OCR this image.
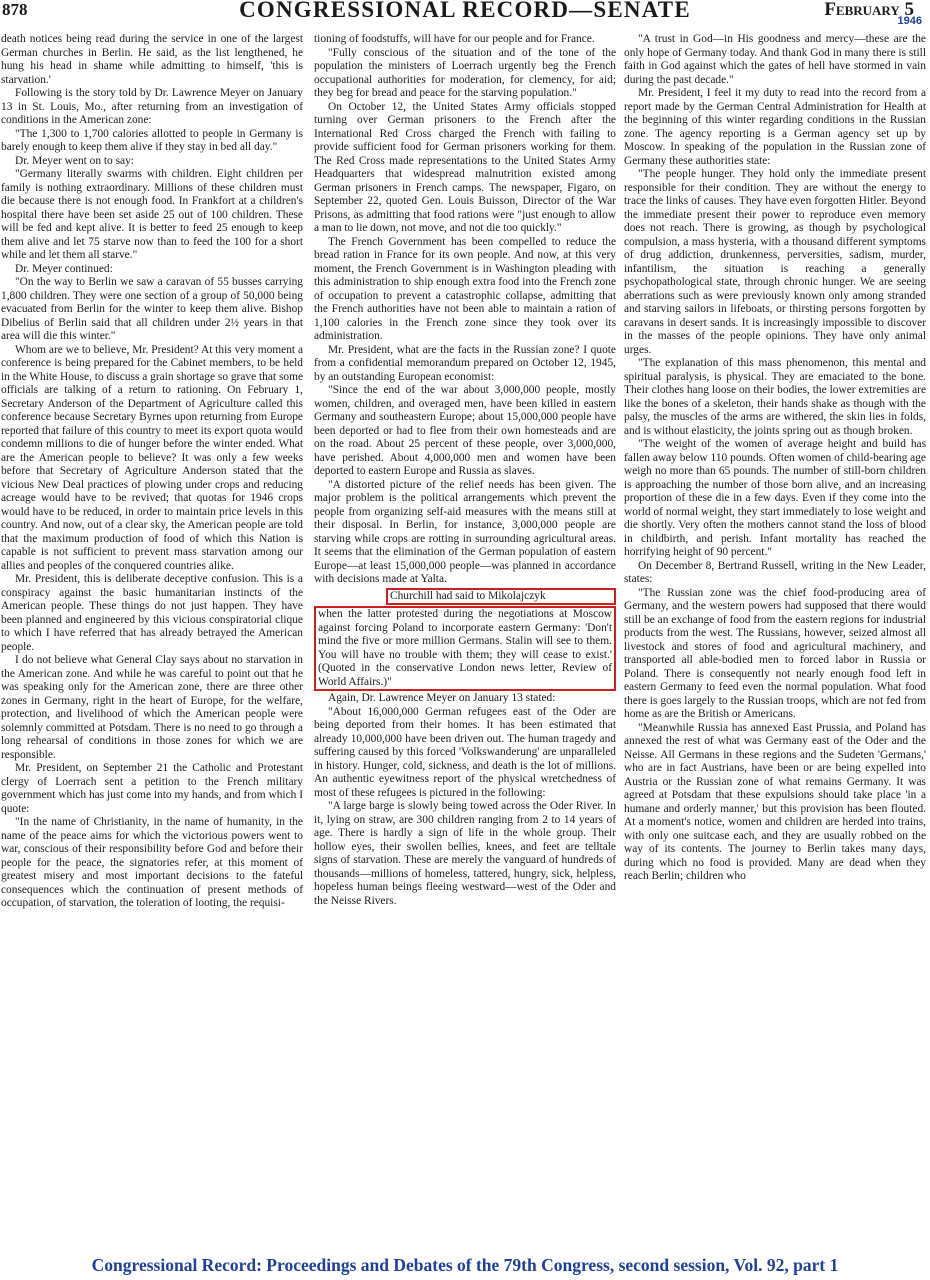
878	CONGRESSIONAL RECORD—SENATE	February 5
1946

death notices being read during the service in one of the largest German churches in Berlin. He said, as the list lengthened, he hung his head in shame while admitting to himself, 'this is starvation.'

Following is the story told by Dr. Lawrence Meyer on January 13 in St. Louis, Mo., after returning from an investigation of conditions in the American zone:

"The 1,300 to 1,700 calories allotted to people in Germany is barely enough to keep them alive if they stay in bed all day."

Dr. Meyer went on to say:

"Germany literally swarms with children. Eight children per family is nothing extraordinary. Millions of these children must die because there is not enough food. In Frankfort at a children's hospital there have been set aside 25 out of 100 children. These will be fed and kept alive. It is better to feed 25 enough to keep them alive and let 75 starve now than to feed the 100 for a short while and let them all starve."

Dr. Meyer continued:

"On the way to Berlin we saw a caravan of 55 busses carrying 1,800 children. They were one section of a group of 50,000 being evacuated from Berlin for the winter to keep them alive. Bishop Dibelius of Berlin said that all children under 2½ years in that area will die this winter."

Whom are we to believe, Mr. President? At this very moment a conference is being prepared for the Cabinet members, to be held in the White House, to discuss a grain shortage so grave that some officials are talking of a return to rationing. On February 1, Secretary Anderson of the Department of Agriculture called this conference because Secretary Byrnes upon returning from Europe reported that failure of this country to meet its export quota would condemn millions to die of hunger before the winter ended. What are the American people to believe? It was only a few weeks before that Secretary of Agriculture Anderson stated that the vicious New Deal practices of plowing under crops and reducing acreage would have to be revived; that quotas for 1946 crops would have to be reduced, in order to maintain price levels in this country. And now, out of a clear sky, the American people are told that the maximum production of food of which this Nation is capable is not sufficient to prevent mass starvation among our allies and peoples of the conquered countries alike.

Mr. President, this is deliberate deceptive confusion. This is a conspiracy against the basic humanitarian instincts of the American people. These things do not just happen. They have been planned and engineered by this vicious conspiratorial clique to which I have referred that has already betrayed the American people.

I do not believe what General Clay says about no starvation in the American zone. And while he was careful to point out that he was speaking only for the American zone, there are three other zones in Germany, right in the heart of Europe, for the welfare, protection, and livelihood of which the American people were solemnly committed at Potsdam. There is no need to go through a long rehearsal of conditions in those zones for which we are responsible.

Mr. President, on September 21 the Catholic and Protestant clergy of Loerrach sent a petition to the French military government which has just come into my hands, and from which I quote:

"In the name of Christianity, in the name of humanity, in the name of the peace aims for which the victorious powers went to war, conscious of their responsibility before God and before their people for the peace, the signatories refer, at this moment of greatest misery and most important decisions to the fateful consequences which the continuation of present methods of occupation, of starvation, the toleration of looting, the requisi-

tioning of foodstuffs, will have for our people and for France.

"Fully conscious of the situation and of the tone of the population the ministers of Loerrach urgently beg the French occupational authorities for moderation, for clemency, for aid; they beg for bread and peace for the starving population."

On October 12, the United States Army officials stopped turning over German prisoners to the French after the International Red Cross charged the French with failing to provide sufficient food for German prisoners working for them. The Red Cross made representations to the United States Army Headquarters that widespread malnutrition existed among German prisoners in French camps. The newspaper, Figaro, on September 22, quoted Gen. Louis Buisson, Director of the War Prisons, as admitting that food rations were "just enough to allow a man to lie down, not move, and not die too quickly."

The French Government has been compelled to reduce the bread ration in France for its own people. And now, at this very moment, the French Government is in Washington pleading with this administration to ship enough extra food into the French zone of occupation to prevent a catastrophic collapse, admitting that the French authorities have not been able to maintain a ration of 1,100 calories in the French zone since they took over its administration.

Mr. President, what are the facts in the Russian zone? I quote from a confidential memorandum prepared on October 12, 1945, by an outstanding European economist:

"Since the end of the war about 3,000,000 people, mostly women, children, and overaged men, have been killed in eastern Germany and southeastern Europe; about 15,000,000 people have been deported or had to flee from their own homesteads and are on the road. About 25 percent of these people, over 3,000,000, have perished. About 4,000,000 men and women have been deported to eastern Europe and Russia as slaves.

"A distorted picture of the relief needs has been given. The major problem is the political arrangements which prevent the people from organizing self-aid measures with the means still at their disposal. In Berlin, for instance, 3,000,000 people are starving while crops are rotting in surrounding agricultural areas. It seems that the elimination of the German population of eastern Europe—at least 15,000,000 people—was planned in accordance with decisions made at Yalta.

Churchill had said to Mikolajczyk

when the latter protested during the negotiations at Moscow against forcing Poland to incorporate eastern Germany: 'Don't mind the five or more million Germans. Stalin will see to them. You will have no trouble with them; they will cease to exist.' (Quoted in the conservative London news letter, Review of World Affairs.)"

Again, Dr. Lawrence Meyer on January 13 stated:

"About 16,000,000 German refugees east of the Oder are being deported from their homes. It has been estimated that already 10,000,000 have been driven out. The human tragedy and suffering caused by this forced 'Volkswanderung' are unparalleled in history. Hunger, cold, sickness, and death is the lot of millions. An authentic eyewitness report of the physical wretchedness of most of these refugees is pictured in the following:

"A large barge is slowly being towed across the Oder River. In it, lying on straw, are 300 children ranging from 2 to 14 years of age. There is hardly a sign of life in the whole group. Their hollow eyes, their swollen bellies, knees, and feet are telltale signs of starvation. These are merely the vanguard of hundreds of thousands—millions of homeless, tattered, hungry, sick, helpless, hopeless human beings fleeing westward—west of the Oder and the Neisse Rivers.

"A trust in God—in His goodness and mercy—these are the only hope of Germany today. And thank God in many there is still faith in God against which the gates of hell have stormed in vain during the past decade."

Mr. President, I feel it my duty to read into the record from a report made by the German Central Administration for Health at the beginning of this winter regarding conditions in the Russian zone. The agency reporting is a German agency set up by Moscow. In speaking of the population in the Russian zone of Germany these authorities state:

"The people hunger. They hold only the immediate present responsible for their condition. They are without the energy to trace the links of causes. They have even forgotten Hitler. Beyond the immediate present their power to reproduce even memory does not reach. There is growing, as though by psychological compulsion, a mass hysteria, with a thousand different symptoms of drug addiction, drunkenness, perversities, sadism, murder, infantilism, the situation is reaching a generally psychopathological state, through chronic hunger. We are seeing aberrations such as were previously known only among stranded and starving sailors in lifeboats, or thirsting persons forgotten by caravans in desert sands. It is increasingly impossible to discover in the masses of the people opinions. They have only animal urges.

"The explanation of this mass phenomenon, this mental and spiritual paralysis, is physical. They are emaciated to the bone. Their clothes hang loose on their bodies, the lower extremities are like the bones of a skeleton, their hands shake as though with the palsy, the muscles of the arms are withered, the skin lies in folds, and is without elasticity, the joints spring out as though broken.

"The weight of the women of average height and build has fallen away below 110 pounds. Often women of child-bearing age weigh no more than 65 pounds. The number of still-born children is approaching the number of those born alive, and an increasing proportion of these die in a few days. Even if they come into the world of normal weight, they start immediately to lose weight and die shortly. Very often the mothers cannot stand the loss of blood in childbirth, and perish. Infant mortality has reached the horrifying height of 90 percent."

On December 8, Bertrand Russell, writing in the New Leader, states:

"The Russian zone was the chief food-producing area of Germany, and the western powers had supposed that there would still be an exchange of food from the eastern regions for industrial products from the west. The Russians, however, seized almost all livestock and stores of food and agricultural machinery, and transported all able-bodied men to forced labor in Russia or Poland. There is consequently not nearly enough food left in eastern Germany to feed even the normal population. What food there is goes largely to the Russian troops, which are not fed from home as are the British or Americans.

"Meanwhile Russia has annexed East Prussia, and Poland has annexed the rest of what was Germany east of the Oder and the Neisse. All Germans in these regions and the Sudeten 'Germans,' who are in fact Austrians, have been or are being expelled into Austria or the Russian zone of what remains Germany. It was agreed at Potsdam that these expulsions should take place 'in a humane and orderly manner,' but this provision has been flouted. At a moment's notice, women and children are herded into trains, with only one suitcase each, and they are usually robbed on the way of its contents. The journey to Berlin takes many days, during which no food is provided. Many are dead when they reach Berlin; children who

Congressional Record: Proceedings and Debates of the 79th Congress, second session, Vol. 92, part 1
